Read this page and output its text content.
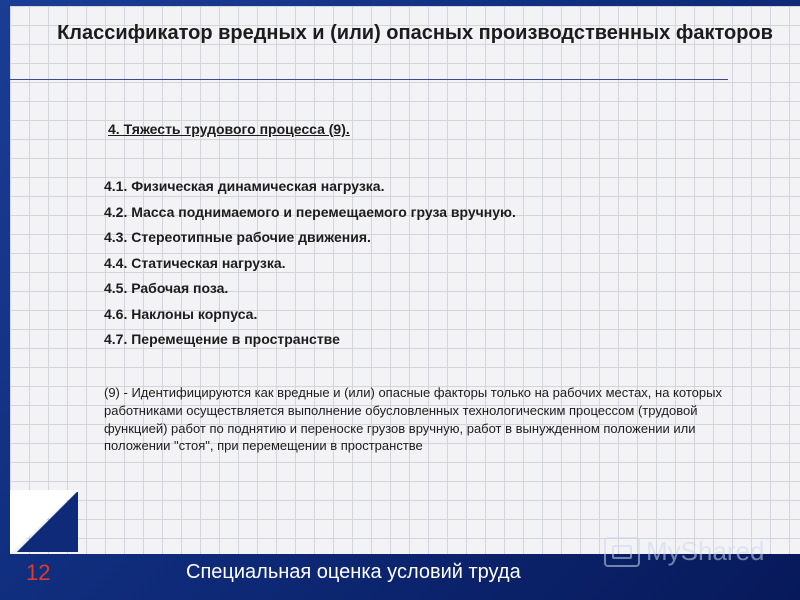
Классификатор вредных и (или) опасных производственных факторов
4. Тяжесть трудового процесса (9).
4.1. Физическая динамическая нагрузка.
4.2. Масса поднимаемого и перемещаемого груза вручную.
4.3. Стереотипные рабочие движения.
4.4. Статическая нагрузка.
4.5. Рабочая поза.
4.6. Наклоны корпуса.
4.7. Перемещение в пространстве
(9) - Идентифицируются как вредные и (или) опасные факторы только на рабочих местах, на которых работниками осуществляется выполнение обусловленных технологическим процессом (трудовой функцией) работ по поднятию и переноске грузов вручную, работ в вынужденном положении или положении "стоя", при перемещении в пространстве
12	Специальная оценка условий труда
MyShared
